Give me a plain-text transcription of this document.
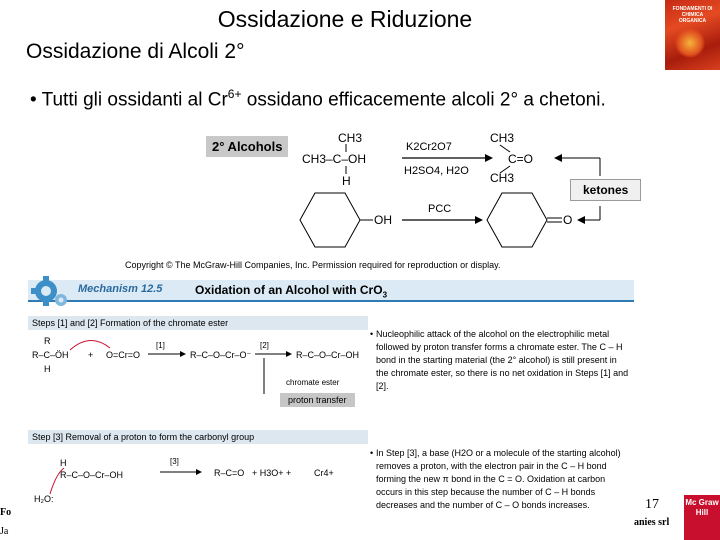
Ossidazione e Riduzione
Ossidazione di Alcoli 2°
FONDAMENTI DI CHIMICA ORGANICA
• Tutti gli ossidanti al $Cr^{6+}$ ossidano efficacemente alcoli 2° a chetoni.
2° Alcohols
CH3
CH3–C–OH
H
K2Cr2O7
H2SO4, H2O
CH3
C=O
CH3
OH
PCC
O
ketones
Copyright © The McGraw-Hill Companies, Inc. Permission required for reproduction or display.
Mechanism 12.5	Oxidation of an Alcohol with CrO$_3$
Steps [1] and [2] Formation of the chromate ester
R–C–ÖH
R
H
+ O=Cr=O
[1]
R–C–O–Cr–O⁻
[2]
R–C–O–Cr–OH
chromate ester
proton transfer
• Nucleophilic attack of the alcohol on the electrophilic metal followed by proton transfer forms a chromate ester. The C – H bond in the starting material (the 2° alcohol) is still present in the chromate ester, so there is no net oxidation in Steps [1] and [2].
Step [3] Removal of a proton to form the carbonyl group
H
R–C–O–Cr–OH
H₂O:
[3]
R–C=O + H3O+ +	Cr4+
• In Step [3], a base (H2O or a molecule of the starting alcohol) removes a proton, with the electron pair in the C – H bond forming the new π bond in the C = O. Oxidation at carbon occurs in this step because the number of C – H bonds decreases and the number of C – O bonds increases.	17
Fo
Ja
anies srl
Mc Graw Hill
